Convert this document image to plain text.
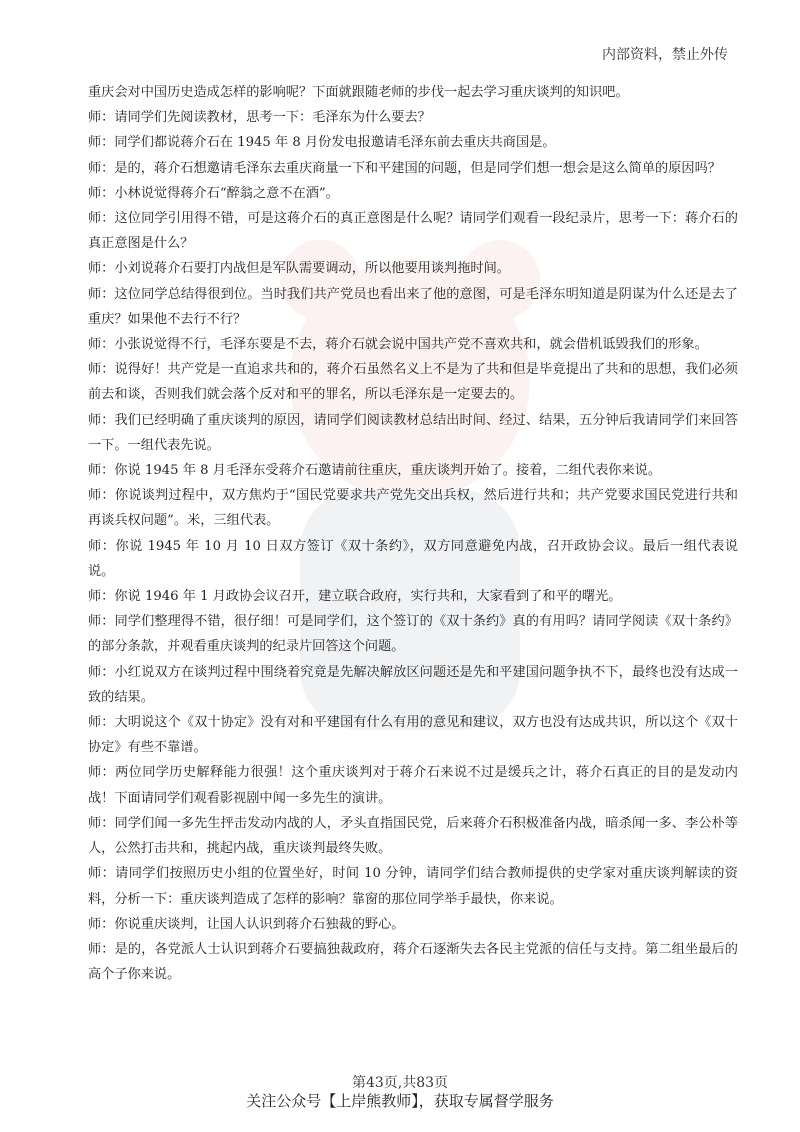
内部资料，禁止外传

重庆会对中国历史造成怎样的影响呢？下面就跟随老师的步伐一起去学习重庆谈判的知识吧。

师：请同学们先阅读教材，思考一下：毛泽东为什么要去？

师：同学们都说蒋介石在 1945 年 8 月份发电报邀请毛泽东前去重庆共商国是。

师：是的，蒋介石想邀请毛泽东去重庆商量一下和平建国的问题，但是同学们想一想会是这么简单的原因吗？

师：小林说觉得蒋介石“醉翁之意不在酒”。

师：这位同学引用得不错，可是这蒋介石的真正意图是什么呢？请同学们观看一段纪录片，思考一下：蒋介石的真正意图是什么？

师：小刘说蒋介石要打内战但是军队需要调动，所以他要用谈判拖时间。

师：这位同学总结得很到位。当时我们共产党员也看出来了他的意图，可是毛泽东明知道是阴谋为什么还是去了重庆？如果他不去行不行？

师：小张说觉得不行，毛泽东要是不去，蒋介石就会说中国共产党不喜欢共和，就会借机诋毁我们的形象。

师：说得好！共产党是一直追求共和的，蒋介石虽然名义上不是为了共和但是毕竟提出了共和的思想，我们必须前去和谈，否则我们就会落个反对和平的罪名，所以毛泽东是一定要去的。

师：我们已经明确了重庆谈判的原因，请同学们阅读教材总结出时间、经过、结果，五分钟后我请同学们来回答一下。一组代表先说。

师：你说 1945 年 8 月毛泽东受蒋介石邀请前往重庆，重庆谈判开始了。接着，二组代表你来说。

师：你说谈判过程中，双方焦灼于“国民党要求共产党先交出兵权，然后进行共和；共产党要求国民党进行共和再谈兵权问题”。米，三组代表。

师：你说 1945 年 10 月 10 日双方签订《双十条约》，双方同意避免内战，召开政协会议。最后一组代表说说。

师：你说 1946 年 1 月政协会议召开，建立联合政府，实行共和，大家看到了和平的曙光。

师：同学们整理得不错，很仔细！可是同学们，这个签订的《双十条约》真的有用吗？请同学阅读《双十条约》的部分条款，并观看重庆谈判的纪录片回答这个问题。

师：小红说双方在谈判过程中围绕着究竟是先解决解放区问题还是先和平建国问题争执不下，最终也没有达成一致的结果。

师：大明说这个《双十协定》没有对和平建国有什么有用的意见和建议，双方也没有达成共识，所以这个《双十协定》有些不靠谱。

师：两位同学历史解释能力很强！这个重庆谈判对于蒋介石来说不过是缓兵之计，蒋介石真正的目的是发动内战！下面请同学们观看影视剧中闻一多先生的演讲。

师：同学们闻一多先生抨击发动内战的人，矛头直指国民党，后来蒋介石积极准备内战，暗杀闻一多、李公朴等人，公然打击共和，挑起内战，重庆谈判最终失败。

师：请同学们按照历史小组的位置坐好，时间 10 分钟，请同学们结合教师提供的史学家对重庆谈判解读的资料，分析一下：重庆谈判造成了怎样的影响？靠窗的那位同学举手最快，你来说。

师：你说重庆谈判，让国人认识到蒋介石独裁的野心。

师：是的，各党派人士认识到蒋介石要搞独裁政府，蒋介石逐渐失去各民主党派的信任与支持。第二组坐最后的高个子你来说。

第43页,共83页
关注公众号【上岸熊教师】，获取专属督学服务
